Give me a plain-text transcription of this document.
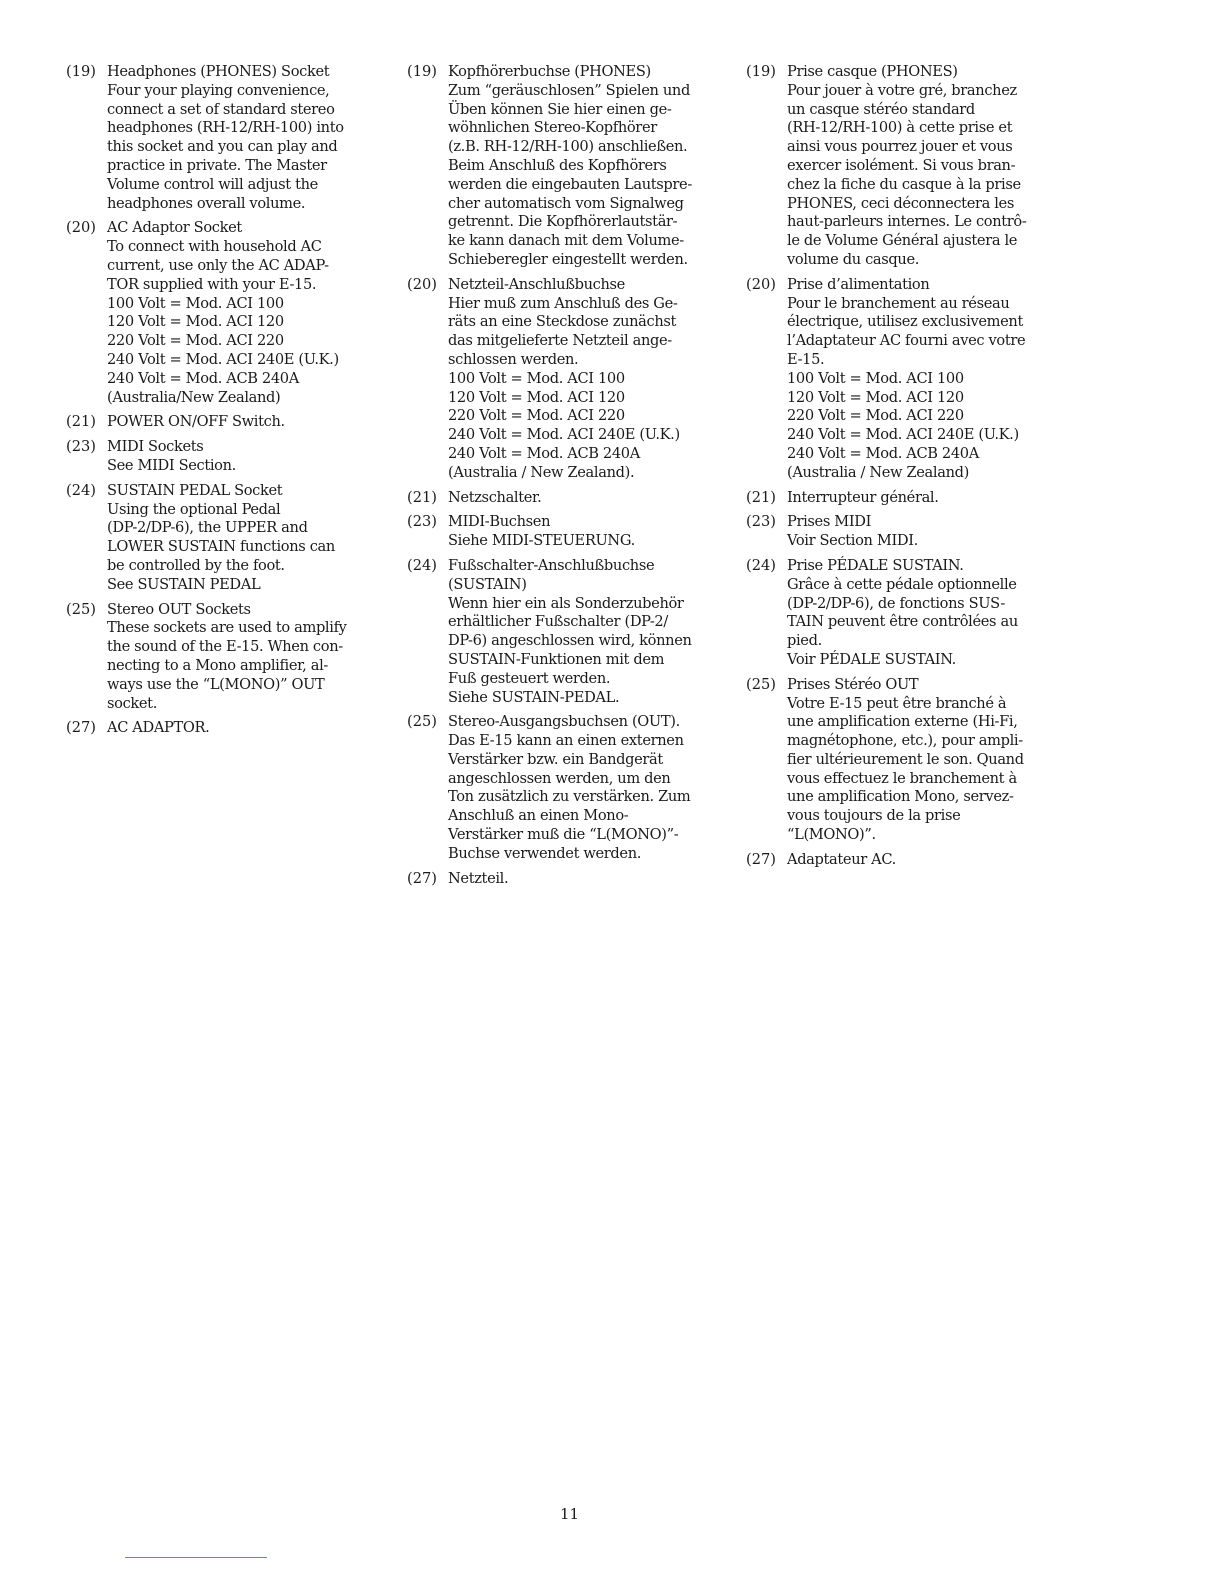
(19) Headphones (PHONES) Socket
Four your playing convenience,
connect a set of standard stereo
headphones (RH-12/RH-100) into
this socket and you can play and
practice in private. The Master
Volume control will adjust the
headphones overall volume.
(20) AC Adaptor Socket
To connect with household AC
current, use only the AC ADAP-
TOR supplied with your E-15.
100 Volt = Mod. ACI 100
120 Volt = Mod. ACI 120
220 Volt = Mod. ACI 220
240 Volt = Mod. ACI 240E (U.K.)
240 Volt = Mod. ACB 240A
(Australia/New Zealand)
(21) POWER ON/OFF Switch.
(23) MIDI Sockets
See MIDI Section.
(24) SUSTAIN PEDAL Socket
Using the optional Pedal
(DP-2/DP-6), the UPPER and
LOWER SUSTAIN functions can
be controlled by the foot.
See SUSTAIN PEDAL
(25) Stereo OUT Sockets
These sockets are used to amplify
the sound of the E-15. When con-
necting to a Mono amplifier, al-
ways use the “L(MONO)” OUT
socket.
(27) AC ADAPTOR.
(19) Kopfhörerbuchse (PHONES)
Zum “geräuschlosen” Spielen und
Üben können Sie hier einen ge-
wöhnlichen Stereo-Kopfhörer
(z.B. RH-12/RH-100) anschließen.
Beim Anschluß des Kopfhörers
werden die eingebauten Lautspre-
cher automatisch vom Signalweg
getrennt. Die Kopfhörerlautstär-
ke kann danach mit dem Volume-
Schieberegler eingestellt werden.
(20) Netzteil-Anschlußbuchse
Hier muß zum Anschluß des Ge-
räts an eine Steckdose zunächst
das mitgelieferte Netzteil ange-
schlossen werden.
100 Volt = Mod. ACI 100
120 Volt = Mod. ACI 120
220 Volt = Mod. ACI 220
240 Volt = Mod. ACI 240E (U.K.)
240 Volt = Mod. ACB 240A
(Australia / New Zealand).
(21) Netzschalter.
(23) MIDI-Buchsen
Siehe MIDI-STEUERUNG.
(24) Fußschalter-Anschlußbuchse
(SUSTAIN)
Wenn hier ein als Sonderzubehör
erhältlicher Fußschalter (DP-2/
DP-6) angeschlossen wird, können
SUSTAIN-Funktionen mit dem
Fuß gesteuert werden.
Siehe SUSTAIN-PEDAL.
(25) Stereo-Ausgangsbuchsen (OUT).
Das E-15 kann an einen externen
Verstärker bzw. ein Bandgerät
angeschlossen werden, um den
Ton zusätzlich zu verstärken. Zum
Anschluß an einen Mono-
Verstärker muß die “L(MONO)”-
Buchse verwendet werden.
(27) Netzteil.
(19) Prise casque (PHONES)
Pour jouer à votre gré, branchez
un casque stéréo standard
(RH-12/RH-100) à cette prise et
ainsi vous pourrez jouer et vous
exercer isolément. Si vous bran-
chez la fiche du casque à la prise
PHONES, ceci déconnectera les
haut-parleurs internes. Le contrô-
le de Volume Général ajustera le
volume du casque.
(20) Prise d’alimentation
Pour le branchement au réseau
électrique, utilisez exclusivement
l’Adaptateur AC fourni avec votre
E-15.
100 Volt = Mod. ACI 100
120 Volt = Mod. ACI 120
220 Volt = Mod. ACI 220
240 Volt = Mod. ACI 240E (U.K.)
240 Volt = Mod. ACB 240A
(Australia / New Zealand)
(21) Interrupteur général.
(23) Prises MIDI
Voir Section MIDI.
(24) Prise PÉDALE SUSTAIN.
Grâce à cette pédale optionnelle
(DP-2/DP-6), de fonctions SUS-
TAIN peuvent être contrôlées au
pied.
Voir PÉDALE SUSTAIN.
(25) Prises Stéréo OUT
Votre E-15 peut être branché à
une amplification externe (Hi-Fi,
magnétophone, etc.), pour ampli-
fier ultérieurement le son. Quand
vous effectuez le branchement à
une amplification Mono, servez-
vous toujours de la prise
“L(MONO)”.
(27) Adaptateur AC.
11
